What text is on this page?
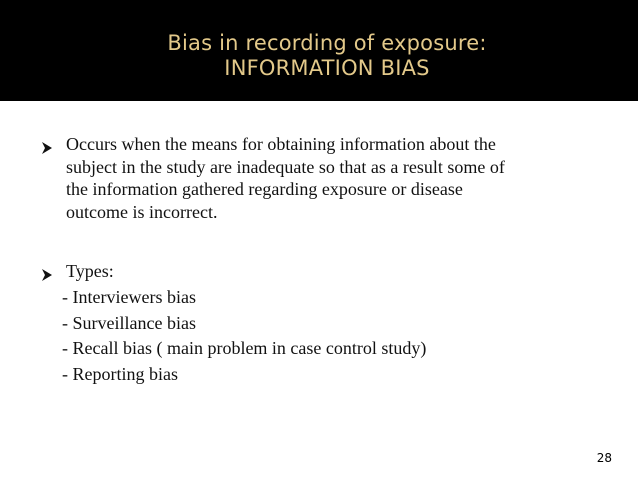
Bias in recording of exposure:
INFORMATION BIAS
Occurs when the means for obtaining information about the
subject in the study are inadequate so that as a result some of
the information gathered regarding exposure or disease
outcome is incorrect.
Types:
- Interviewers bias
- Surveillance bias
- Recall bias ( main problem in case control study)
- Reporting bias
28
